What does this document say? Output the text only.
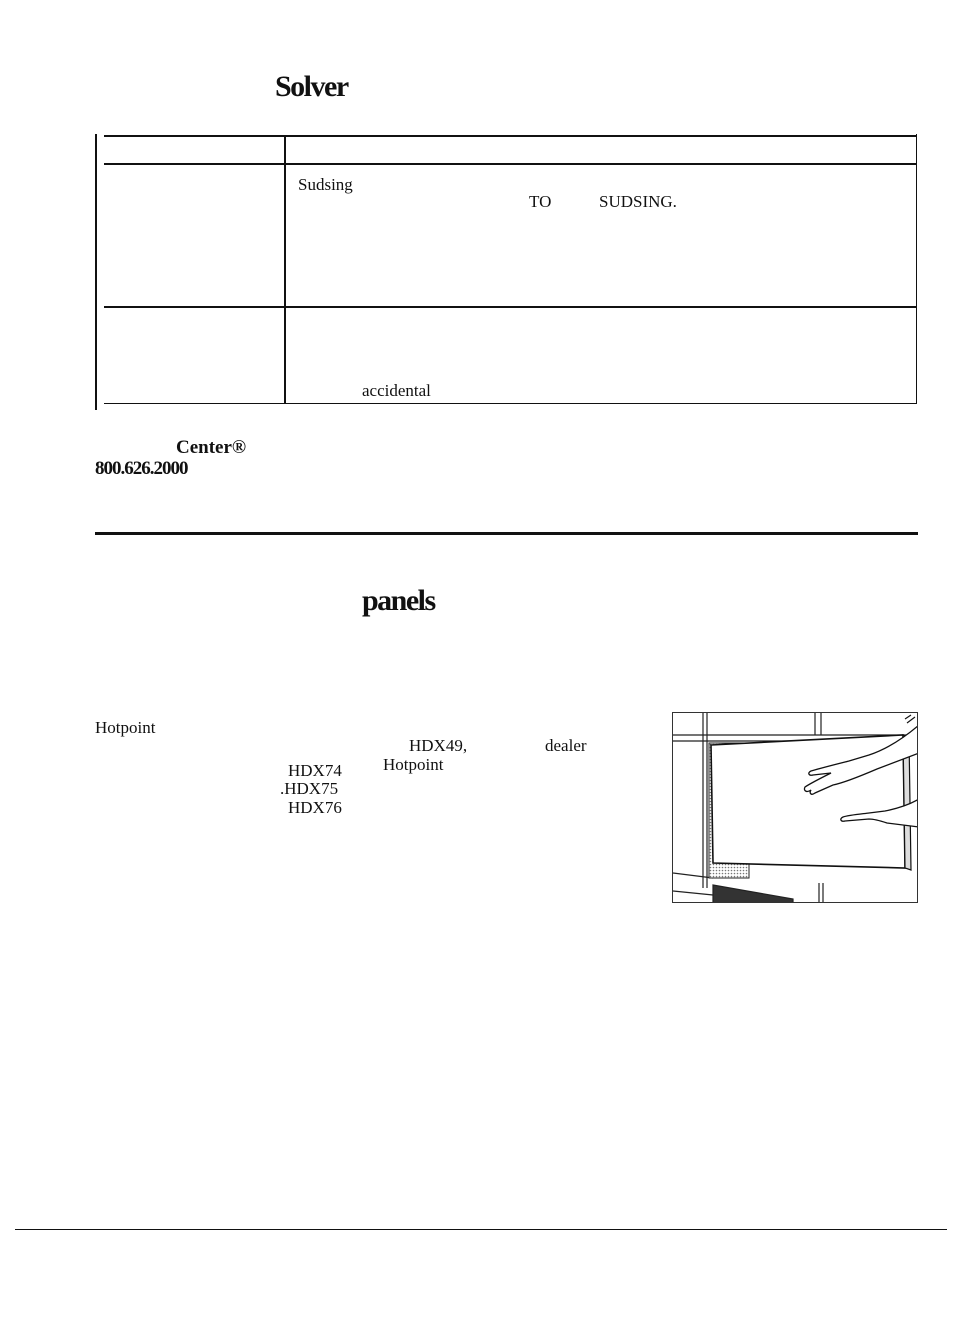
Solver
Sudsing
TO	SUDSING.
accidental
Center®
800.626.2000
panels
Hotpoint
HDX49,	dealer
HDX74 Hotpoint
.HDX75
HDX76
